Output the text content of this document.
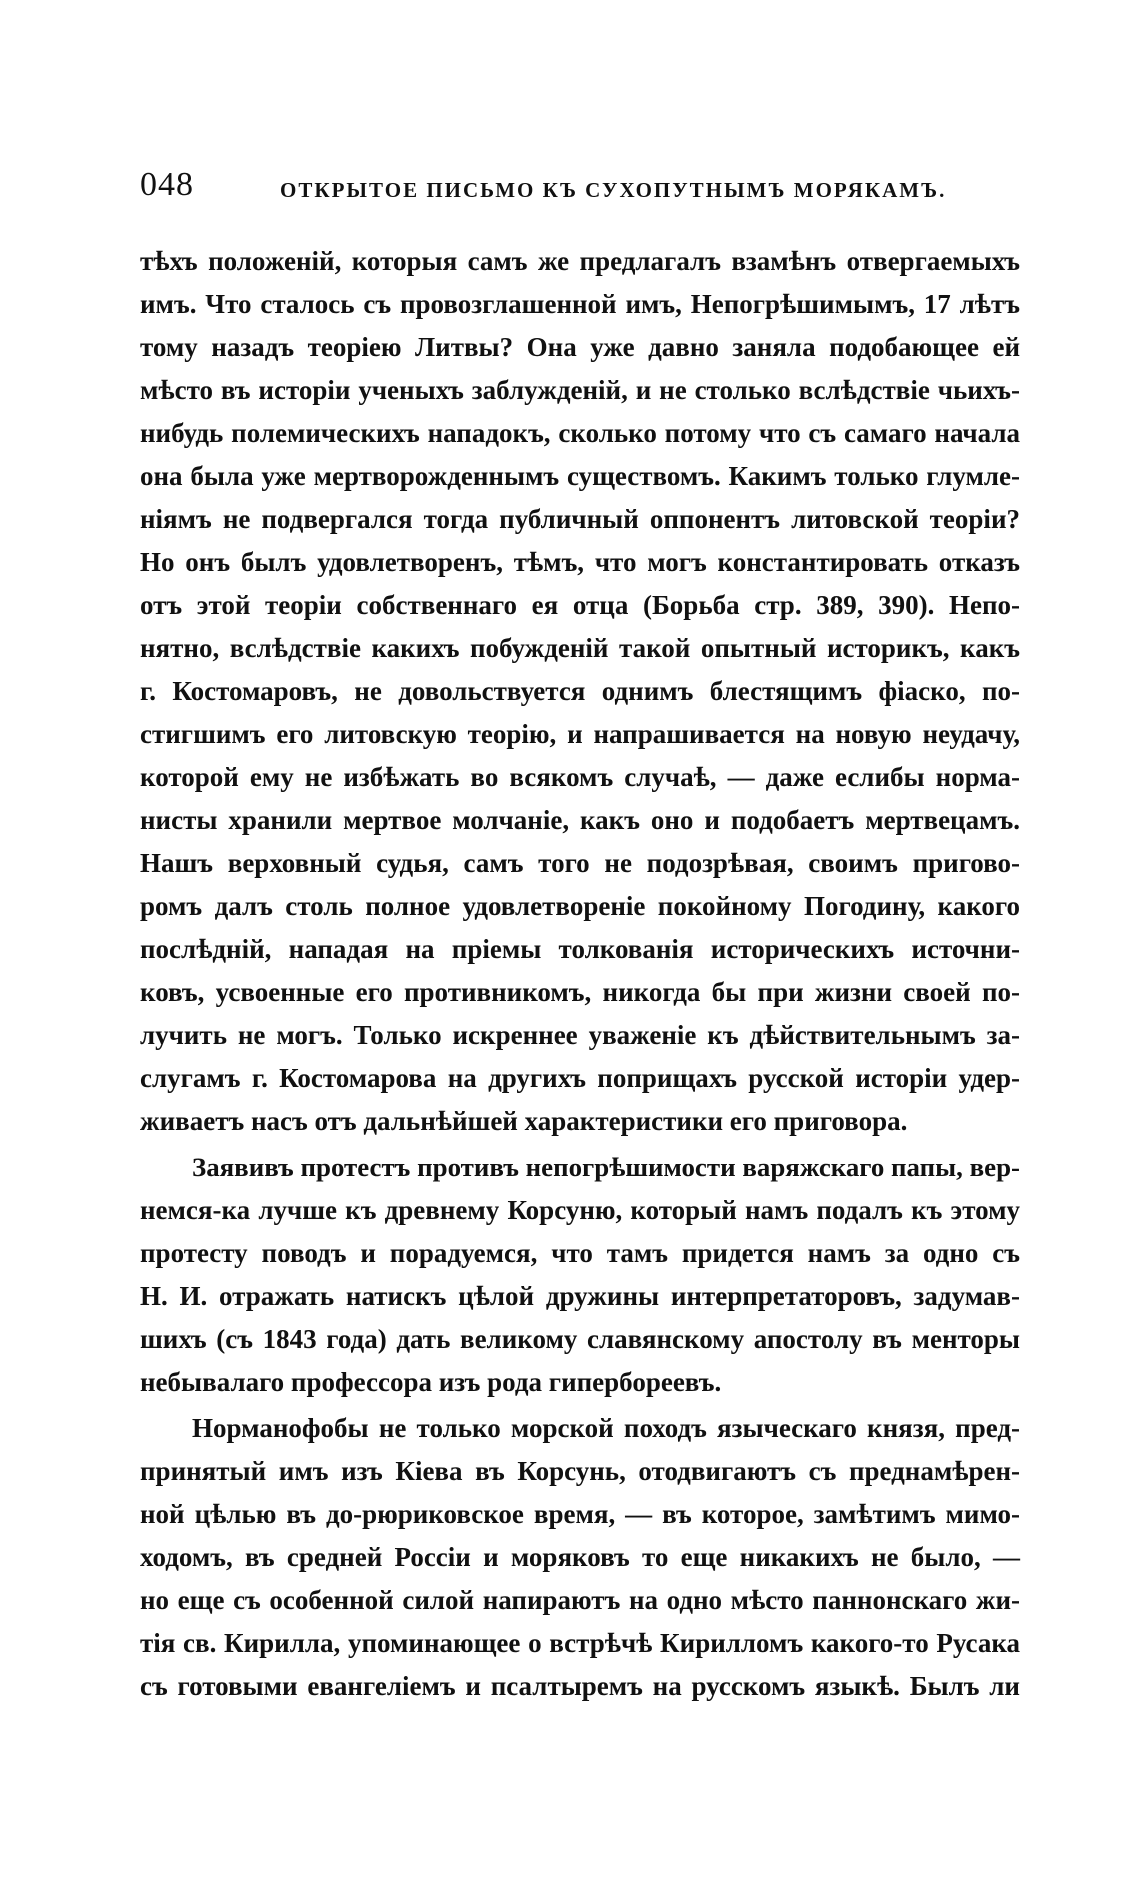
048	ОТКРЫТОЕ ПИСЬМО КЪ СУХОПУТНЫМЪ МОРЯКАМЪ.
тѣхъ положенiй, которыя самъ же предлагалъ взамѣнъ отвергаемыхъ
имъ. Что сталось съ провозглашенной имъ, Непогрѣшимымъ, 17 лѣтъ
тому назадъ теорiею Литвы? Она уже давно заняла подобающее ей
мѣсто въ исторiи ученыхъ заблужденiй, и не столько вслѣдствiе чьихъ-
нибудь полемическихъ нападокъ, сколько потому что съ самаго начала
она была уже мертворожденнымъ существомъ. Какимъ только глумле-
нiямъ не подвергался тогда публичный оппонентъ литовской теорiи?
Но онъ былъ удовлетворенъ, тѣмъ, что могъ константировать отказъ
отъ этой теорiи собственнаго ея отца (Борьба стр. 389, 390). Непо-
нятно, вслѣдствiе какихъ побужденiй такой опытный историкъ, какъ
г. Костомаровъ, не довольствуется однимъ блестящимъ фiаско, по-
стигшимъ его литовскую теорiю, и напрашивается на новую неудачу,
которой ему не избѣжать во всякомъ случаѣ, — даже еслибы норма-
нисты хранили мертвое молчанiе, какъ оно и подобаетъ мертвецамъ.
Нашъ верховный судья, самъ того не подозрѣвая, своимъ пригово-
ромъ далъ столь полное удовлетворенiе покойному Погодину, какого
послѣднiй, нападая на прiемы толкованiя историческихъ источни-
ковъ, усвоенные его противникомъ, никогда бы при жизни своей по-
лучить не могъ. Только искреннее уваженiе къ дѣйствительнымъ за-
слугамъ г. Костомарова на другихъ поприщахъ русской исторiи удер-
живаетъ насъ отъ дальнѣйшей характеристики его приговора.
Заявивъ протестъ противъ непогрѣшимости варяжскаго папы, вер-
немся-ка лучше къ древнему Корсуню, который намъ подалъ къ этому
протесту поводъ и порадуемся, что тамъ придется намъ за одно съ
Н. И. отражать натискъ цѣлой дружины интерпретаторовъ, задумав-
шихъ (съ 1843 года) дать великому славянскому апостолу въ менторы
небывалаго профессора изъ рода гипербореевъ.
Норманофобы не только морской походъ языческаго князя, пред-
принятый имъ изъ Кiева въ Корсунь, отодвигаютъ съ преднамѣрен-
ной цѣлью въ до-рюриковское время, — въ которое, замѣтимъ мимо-
ходомъ, въ средней Россiи и моряковъ то еще никакихъ не было, —
но еще съ особенной силой напираютъ на одно мѣсто паннонскаго жи-
тiя св. Кирилла, упоминающее о встрѣчѣ Кирилломъ какого-то Русака
съ готовыми евангелiемъ и псалтыремъ на русскомъ языкѣ. Былъ ли
